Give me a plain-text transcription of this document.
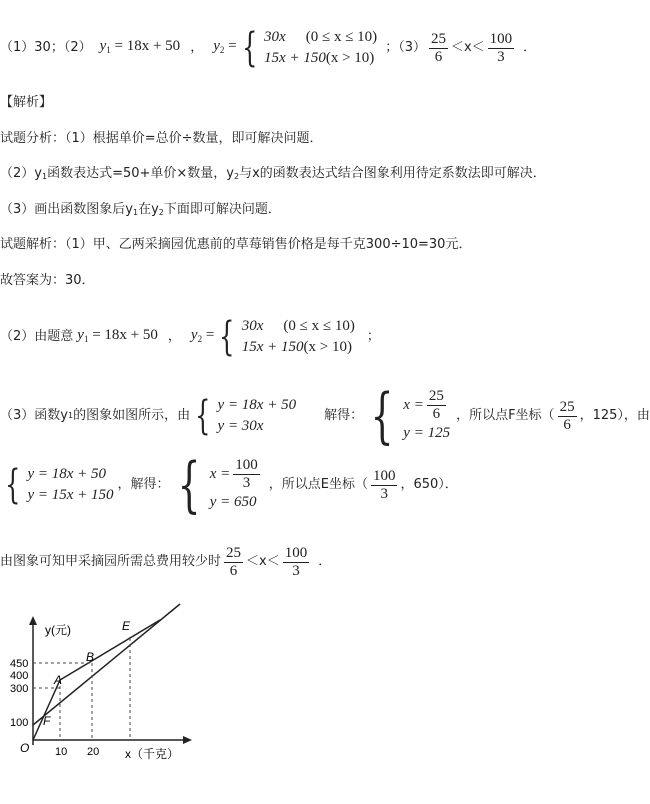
（1）30；（2） $y_1 = 18x + 50$ ， $y_2$ = { 30x (0 ≤ x ≤ 10)
15x + 150(x > 10)
；$(3) \frac{25}{6} <x< \frac{100}{3}$ ．
【解析】
试题分析：（1）根据单价=总价÷数量，即可解决问题．
（2）y1函数表达式=50+单价×数量，y2与x的函数表达式结合图象利用待定系数法即可解决．
（3）画出函数图象后y1在y2下面即可解决问题．
试题解析：（1）甲、乙两采摘园优惠前的草莓销售价格是每千克300÷10=30元．
故答案为：30．
（2）由题意 $y_1 = 18x + 50$ ， $y_2$ = { 30x (0 ≤ x ≤ 10)
15x + 150(x > 10)
；
（3）函数y 1 的图象如图所示，由 { y = 18x + 50
y = 30x
解得： { $x = \frac{25}{6}$
y = 125
，所以点F坐标（ $\frac{25}{6}$ ，125），由
{ y = 18x + 50
y = 15x + 150
，解得： { $x = \frac{100}{3}$
y = 650
，所以点E坐标（ $\frac{100}{3}$ ，650）．
由图象可知甲采摘园所需总费用较少时 $\frac{25}{6} <x< \frac{100}{3}$ ．
450
400
300
100
10 20
y(元)
x（千克）
O
A
B
E
F
